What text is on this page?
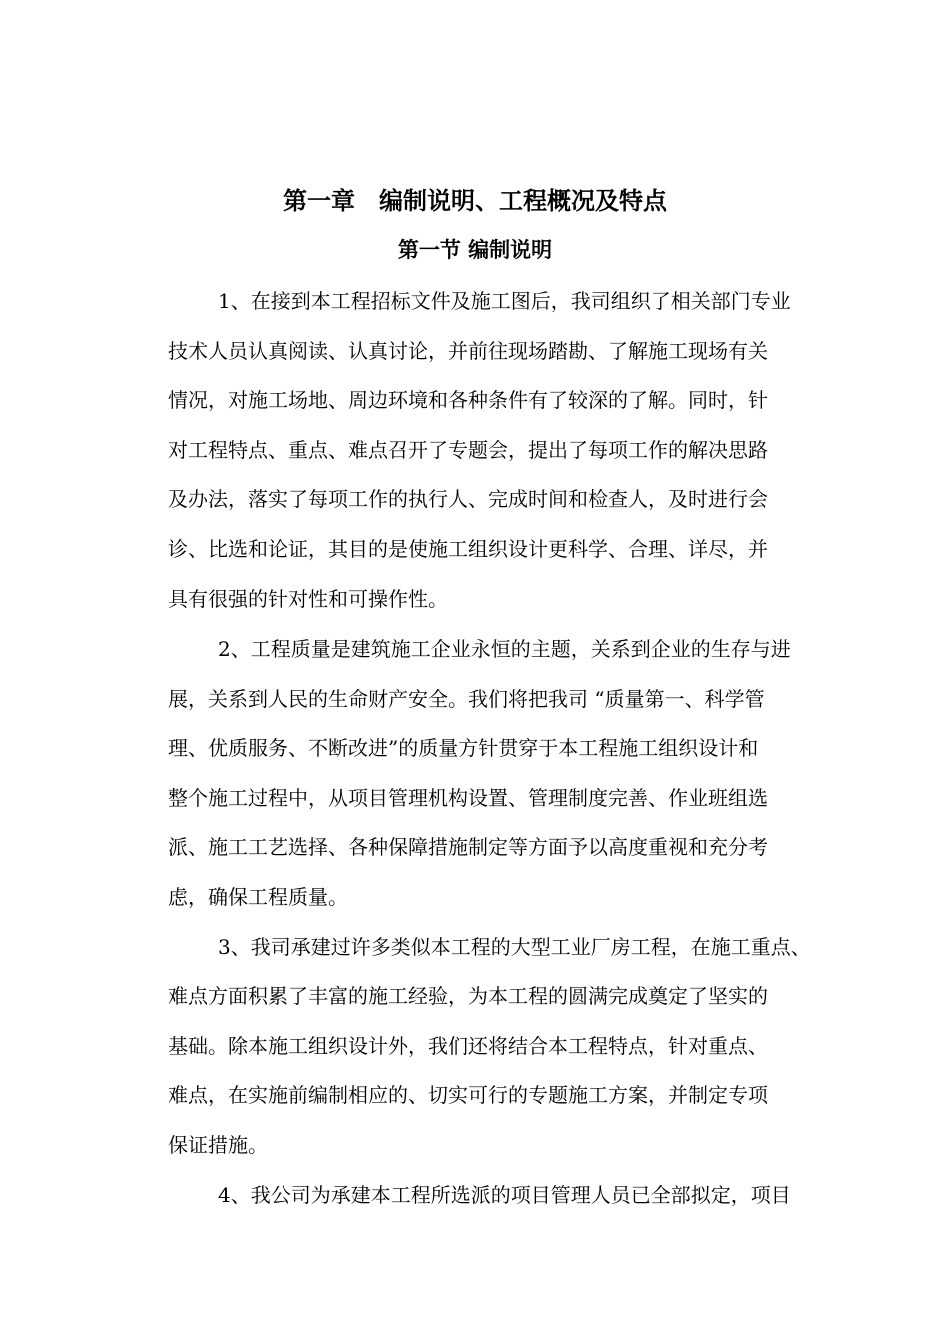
第一章　编制说明、工程概况及特点
第一节 编制说明

1、在接到本工程招标文件及施工图后，我司组织了相关部门专业

技术人员认真阅读、认真讨论，并前往现场踏勘、了解施工现场有关

情况，对施工场地、周边环境和各种条件有了较深的了解。同时，针

对工程特点、重点、难点召开了专题会，提出了每项工作的解决思路

及办法，落实了每项工作的执行人、完成时间和检查人，及时进行会

诊、比选和论证，其目的是使施工组织设计更科学、合理、详尽，并

具有很强的针对性和可操作性。

2、工程质量是建筑施工企业永恒的主题，关系到企业的生存与进

展，关系到人民的生命财产安全。我们将把我司 “质量第一、科学管

理、优质服务、不断改进”的质量方针贯穿于本工程施工组织设计和

整个施工过程中，从项目管理机构设置、管理制度完善、作业班组选

派、施工工艺选择、各种保障措施制定等方面予以高度重视和充分考

虑，确保工程质量。

3、我司承建过许多类似本工程的大型工业厂房工程，在施工重点、

难点方面积累了丰富的施工经验，为本工程的圆满完成奠定了坚实的

基础。除本施工组织设计外，我们还将结合本工程特点，针对重点、

难点，在实施前编制相应的、切实可行的专题施工方案，并制定专项

保证措施。

4、我公司为承建本工程所选派的项目管理人员已全部拟定，项目
